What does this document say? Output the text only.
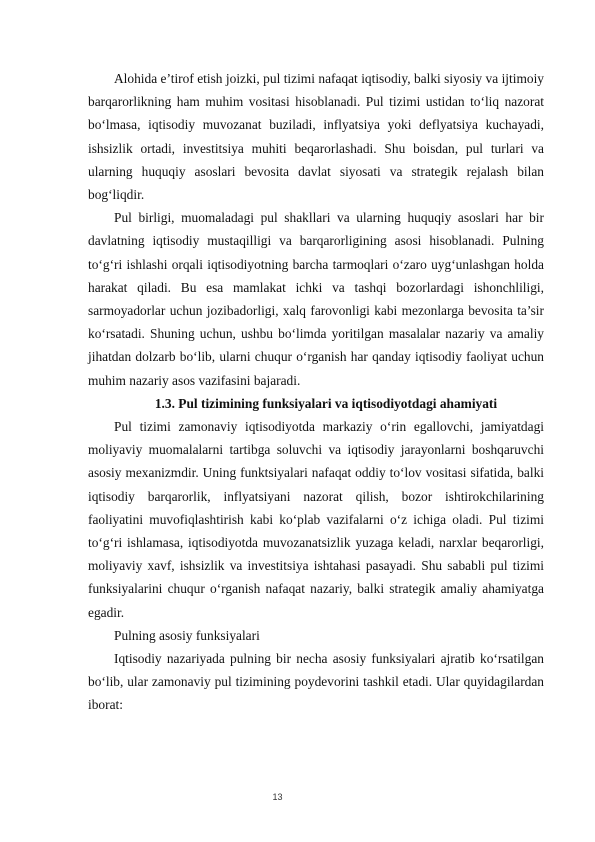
Alohida e’tirof etish joizki, pul tizimi nafaqat iqtisodiy, balki siyosiy va ijtimoiy barqarorlikning ham muhim vositasi hisoblanadi. Pul tizimi ustidan to‘liq nazorat bo‘lmasa, iqtisodiy muvozanat buziladi, inflyatsiya yoki deflyatsiya kuchayadi, ishsizlik ortadi, investitsiya muhiti beqarorlashadi. Shu boisdan, pul turlari va ularning huquqiy asoslari bevosita davlat siyosati va strategik rejalash bilan bog‘liqdir.

Pul birligi, muomaladagi pul shakllari va ularning huquqiy asoslari har bir davlatning iqtisodiy mustaqilligi va barqarorligining asosi hisoblanadi. Pulning to‘g‘ri ishlashi orqali iqtisodiyotning barcha tarmoqlari o‘zaro uyg‘unlashgan holda harakat qiladi. Bu esa mamlakat ichki va tashqi bozorlardagi ishonchliligi, sarmoyadorlar uchun jozibadorligi, xalq farovonligi kabi mezonlarga bevosita ta’sir ko‘rsatadi. Shuning uchun, ushbu bo‘limda yoritilgan masalalar nazariy va amaliy jihatdan dolzarb bo‘lib, ularni chuqur o‘rganish har qanday iqtisodiy faoliyat uchun muhim nazariy asos vazifasini bajaradi.

1.3. Pul tizimining funksiyalari va iqtisodiyotdagi ahamiyati

Pul tizimi zamonaviy iqtisodiyotda markaziy o‘rin egallovchi, jamiyatdagi moliyaviy muomalalarni tartibga soluvchi va iqtisodiy jarayonlarni boshqaruvchi asosiy mexanizmdir. Uning funktsiyalari nafaqat oddiy to‘lov vositasi sifatida, balki iqtisodiy barqarorlik, inflyatsiyani nazorat qilish, bozor ishtirokchilarining faoliyatini muvofiqlashtirish kabi ko‘plab vazifalarni o‘z ichiga oladi. Pul tizimi to‘g‘ri ishlamasa, iqtisodiyotda muvozanatsizlik yuzaga keladi, narxlar beqarorligi, moliyaviy xavf, ishsizlik va investitsiya ishtahasi pasayadi. Shu sababli pul tizimi funksiyalarini chuqur o‘rganish nafaqat nazariy, balki strategik amaliy ahamiyatga egadir.

Pulning asosiy funksiyalari

Iqtisodiy nazariyada pulning bir necha asosiy funksiyalari ajratib ko‘rsatilgan bo‘lib, ular zamonaviy pul tizimining poydevorini tashkil etadi. Ular quyidagilardan iborat:

13
